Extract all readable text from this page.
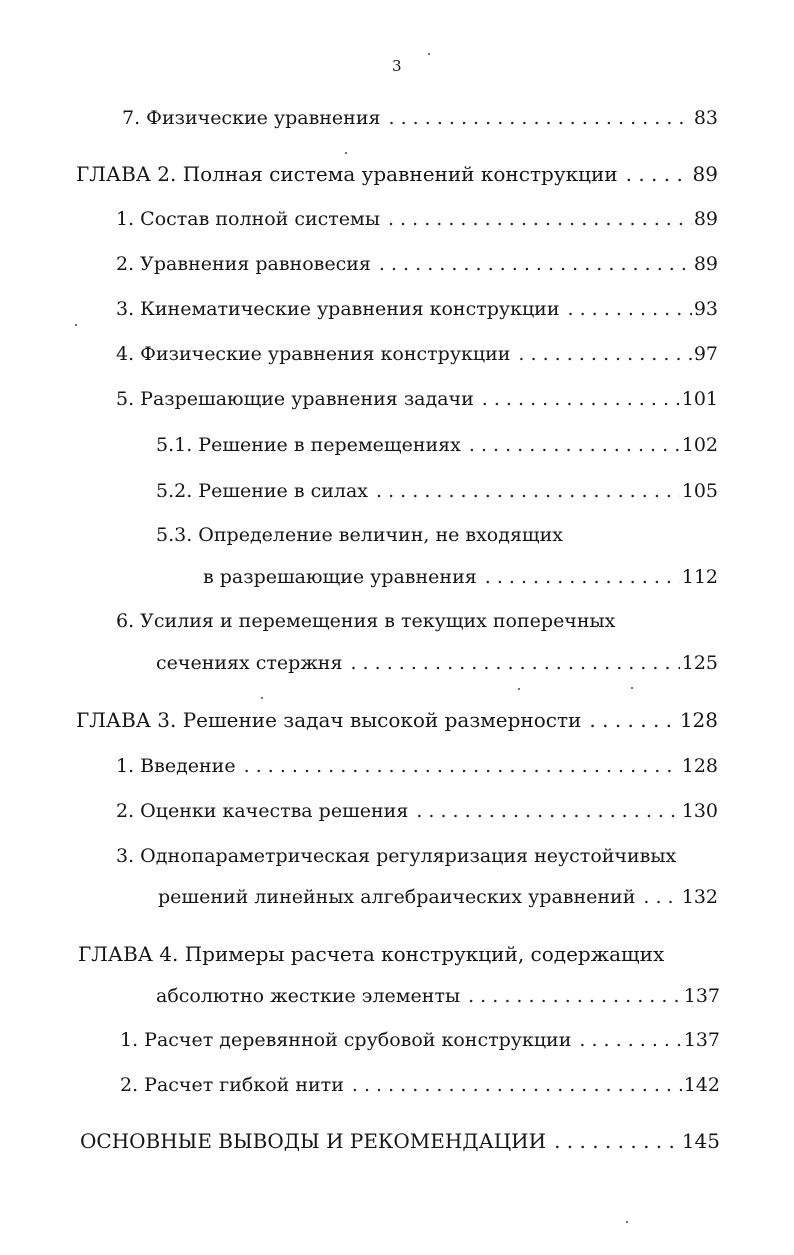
3
7. Физические уравнения . . .	83
ГЛАВА 2. Полная система уравнений конструкции . . .	89
1. Состав полной системы . . .	89
2. Уравнения равновесия . . .	89
3. Кинематические уравнения конструкции . . .	93
4. Физические уравнения конструкции . . .	97
5. Разрешающие уравнения задачи . . .	101
5.1. Решение в перемещениях . . .	102
5.2. Решение в силах . . .	105
5.3. Определение величин, не входящих
в разрешающие уравнения . . .	112
6. Усилия и перемещения в текущих поперечных
сечениях стержня . . .	125
ГЛАВА 3. Решение задач высокой размерности . . .	128
1. Введение . . .	128
2. Оценки качества решения . . .	130
3. Однопараметрическая регуляризация неустойчивых
решений линейных алгебраических уравнений . . . 132
ГЛАВА 4. Примеры расчета конструкций, содержащих
абсолютно жесткие элементы . . .	137
1. Расчет деревянной срубовой конструкции . . .	137
2. Расчет гибкой нити . . .	142
ОСНОВНЫЕ ВЫВОДЫ И РЕКОМЕНДАЦИИ . . .	145
